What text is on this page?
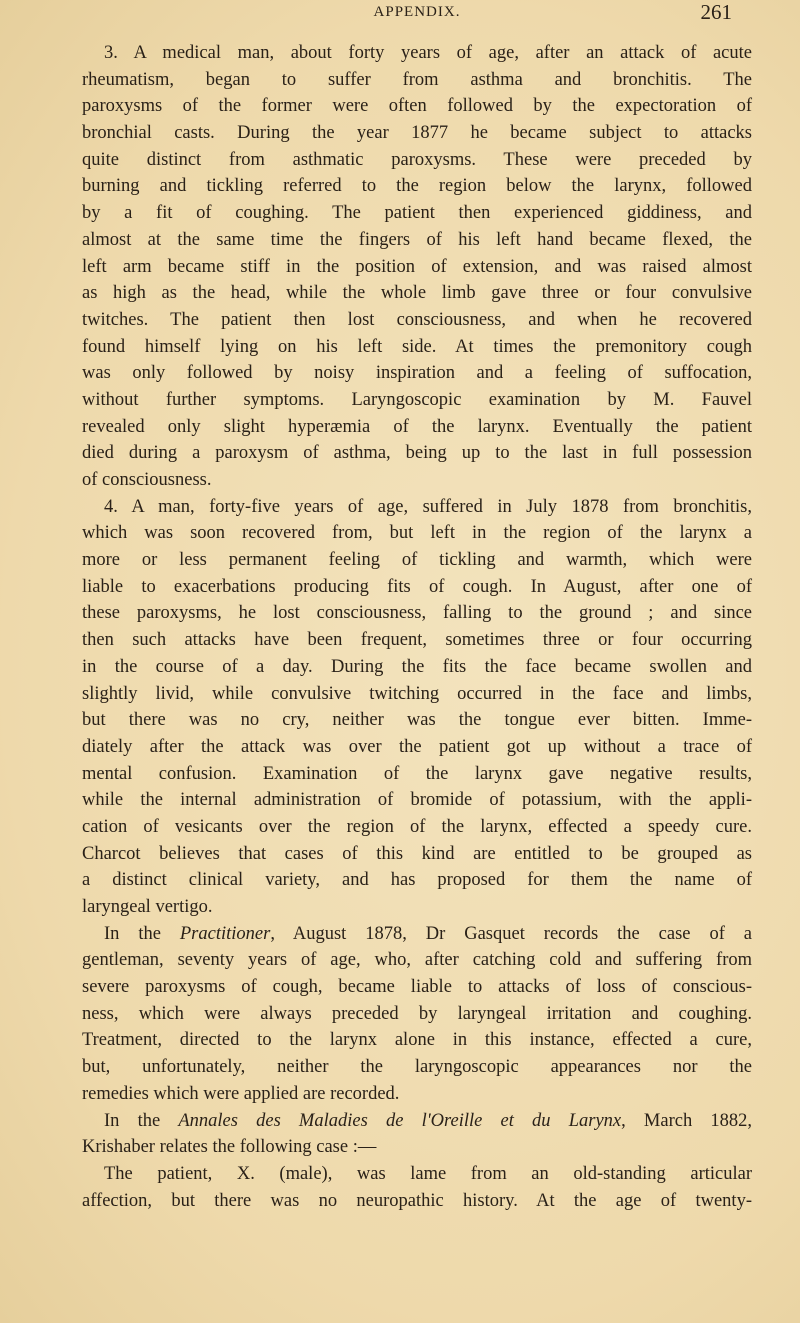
APPENDIX.	261
3. A medical man, about forty years of age, after an attack of acute
rheumatism, began to suffer from asthma and bronchitis. The
paroxysms of the former were often followed by the expectoration of
bronchial casts. During the year 1877 he became subject to attacks
quite distinct from asthmatic paroxysms. These were preceded by
burning and tickling referred to the region below the larynx, followed
by a fit of coughing. The patient then experienced giddiness, and
almost at the same time the fingers of his left hand became flexed, the
left arm became stiff in the position of extension, and was raised almost
as high as the head, while the whole limb gave three or four convulsive
twitches. The patient then lost consciousness, and when he recovered
found himself lying on his left side. At times the premonitory cough
was only followed by noisy inspiration and a feeling of suffocation,
without further symptoms. Laryngoscopic examination by M. Fauvel
revealed only slight hyperæmia of the larynx. Eventually the patient
died during a paroxysm of asthma, being up to the last in full possession
of consciousness.
4. A man, forty-five years of age, suffered in July 1878 from bronchitis,
which was soon recovered from, but left in the region of the larynx a
more or less permanent feeling of tickling and warmth, which were
liable to exacerbations producing fits of cough. In August, after one of
these paroxysms, he lost consciousness, falling to the ground ; and since
then such attacks have been frequent, sometimes three or four occurring
in the course of a day. During the fits the face became swollen and
slightly livid, while convulsive twitching occurred in the face and limbs,
but there was no cry, neither was the tongue ever bitten. Imme-
diately after the attack was over the patient got up without a trace of
mental confusion. Examination of the larynx gave negative results,
while the internal administration of bromide of potassium, with the appli-
cation of vesicants over the region of the larynx, effected a speedy cure.
Charcot believes that cases of this kind are entitled to be grouped as
a distinct clinical variety, and has proposed for them the name of
laryngeal vertigo.
In the Practitioner, August 1878, Dr Gasquet records the case of a
gentleman, seventy years of age, who, after catching cold and suffering from
severe paroxysms of cough, became liable to attacks of loss of conscious-
ness, which were always preceded by laryngeal irritation and coughing.
Treatment, directed to the larynx alone in this instance, effected a cure,
but, unfortunately, neither the laryngoscopic appearances nor the
remedies which were applied are recorded.
In the Annales des Maladies de l'Oreille et du Larynx, March 1882,
Krishaber relates the following case :—
The patient, X. (male), was lame from an old-standing articular
affection, but there was no neuropathic history. At the age of twenty-
